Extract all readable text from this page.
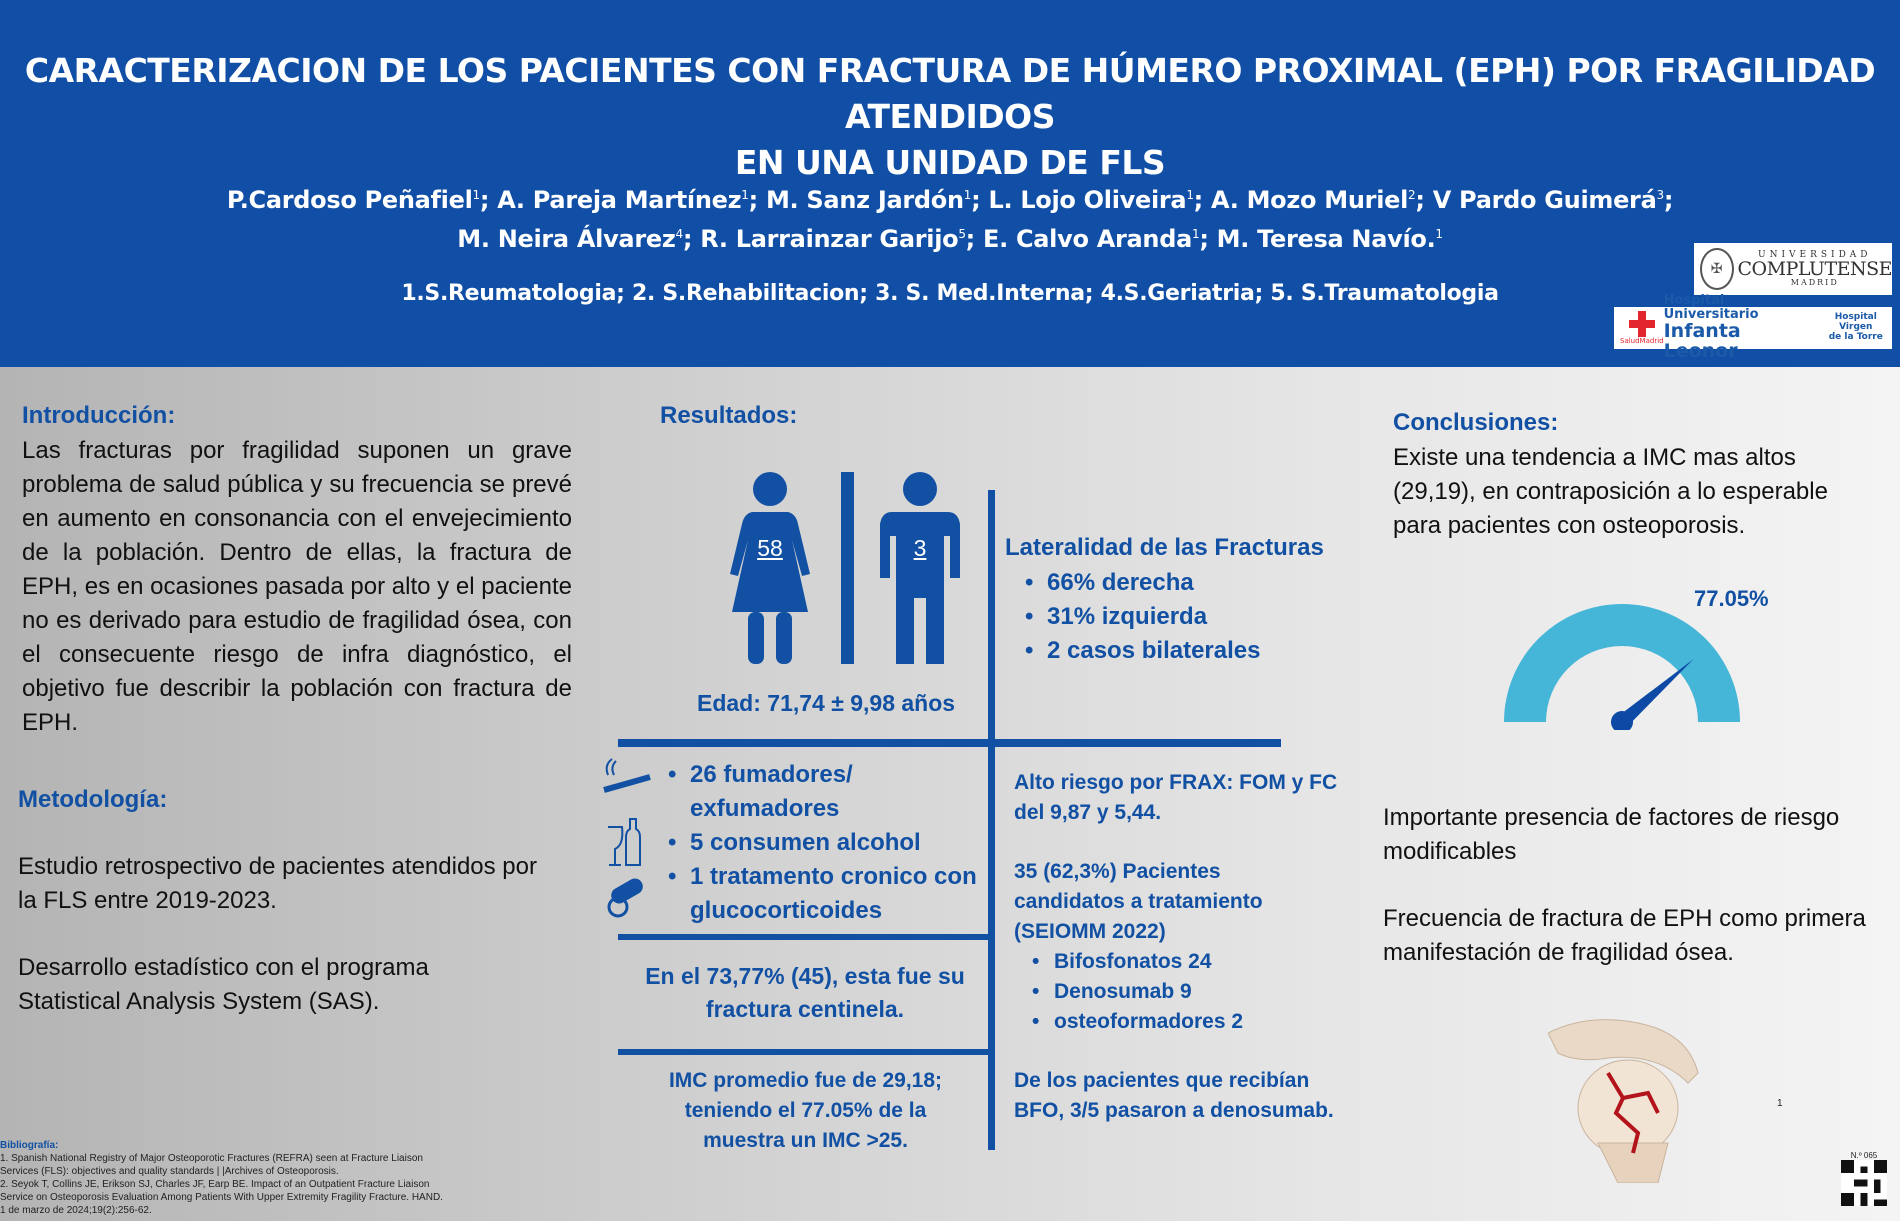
CARACTERIZACION DE LOS PACIENTES CON FRACTURA DE HÚMERO PROXIMAL (EPH) POR FRAGILIDAD ATENDIDOS
EN UNA UNIDAD DE FLS
P.Cardoso Peñafiel$^1$; A. Pareja Martínez$^1$; M. Sanz Jardón$^1$; L. Lojo Oliveira$^1$; A. Mozo Muriel$^2$; V Pardo Guimerá$^3$;
M. Neira Álvarez$^4$; R. Larrainzar Garijo$^5$; E. Calvo Aranda$^1$; M. Teresa Navío.$^1$
1.S.Reumatologia; 2. S.Rehabilitacion; 3. S. Med.Interna; 4.S.Geriatria; 5. S.Traumatologia
✠
UNIVERSIDAD
COMPLUTENSE
MADRID
SaludMadrid
Hospital Universitario
Infanta Leonor
Hospital Virgen
de la Torre
Introducción:
Las fracturas por fragilidad suponen un grave problema de salud pública y su frecuencia se prevé en aumento en consonancia con el envejecimiento de la población. Dentro de ellas, la fractura de EPH, es en ocasiones pasada por alto y el paciente no es derivado para estudio de fragilidad ósea, con el consecuente riesgo de infra diagnóstico, el objetivo fue describir la población con fractura de EPH.
Metodología:
Estudio retrospectivo de pacientes atendidos por la FLS entre 2019-2023.
Desarrollo estadístico con el programa Statistical Analysis System (SAS).
Bibliografía:
1. Spanish National Registry of Major Osteoporotic Fractures (REFRA) seen at Fracture Liaison Services (FLS): objectives and quality standards | |Archives of Osteoporosis.
2. Seyok T, Collins JE, Erikson SJ, Charles JF, Earp BE. Impact of an Outpatient Fracture Liaison Service on Osteoporosis Evaluation Among Patients With Upper Extremity Fragility Fracture. HAND. 1 de marzo de 2024;19(2):256-62.
Resultados:
58	3
Edad: 71,74 ± 9,98 años
Lateralidad de las Fracturas
• 66% derecha
• 31% izquierda
• 2 casos bilaterales
• 26 fumadores/ exfumadores
• 5 consumen alcohol
• 1 tratamento cronico con glucocorticoides
En el 73,77% (45), esta fue su fractura centinela.
IMC promedio fue de 29,18; teniendo el 77.05% de la muestra un IMC >25.
Alto riesgo por FRAX: FOM y FC del 9,87 y 5,44.
35 (62,3%) Pacientes candidatos a tratamiento (SEIOMM 2022)
• Bifosfonatos 24
• Denosumab 9
• osteoformadores 2
De los pacientes que recibían BFO, 3/5 pasaron a denosumab.
Conclusiones:
Existe una tendencia a IMC mas altos (29,19), en contraposición a lo esperable para pacientes con osteoporosis.
77.05%
Importante presencia de factores de riesgo modificables
Frecuencia de fractura de EPH como primera manifestación de fragilidad ósea.
1
N.º 065
